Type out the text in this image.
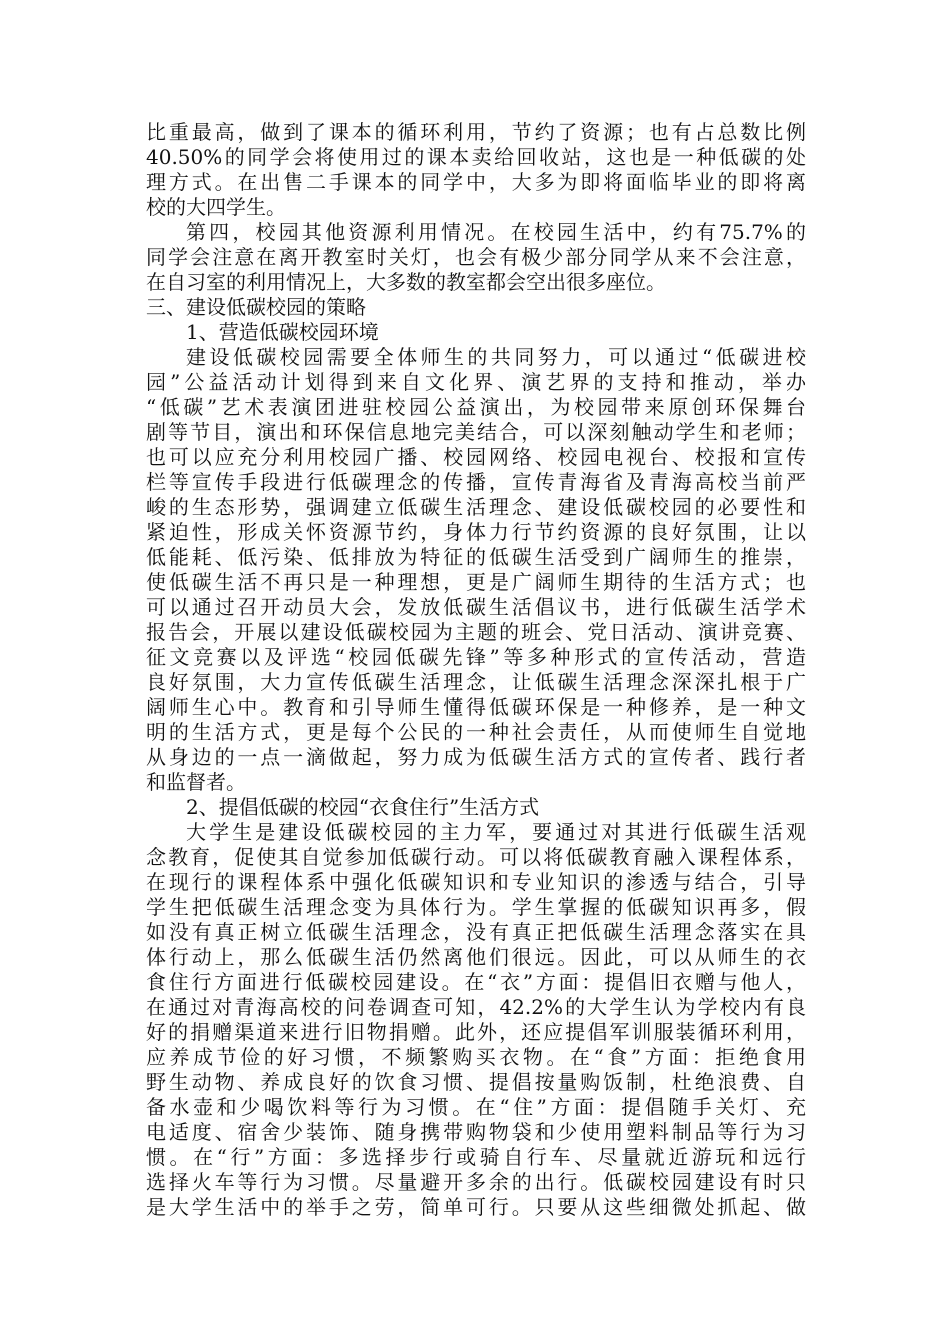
比重最高，做到了课本的循环利用，节约了资源；也有占总数比例
40.50%的同学会将使用过的课本卖给回收站，这也是一种低碳的处
理方式。在出售二手课本的同学中，大多为即将面临毕业的即将离
校的大四学生。
第四，校园其他资源利用情况。在校园生活中，约有75.7%的
同学会注意在离开教室时关灯，也会有极少部分同学从来不会注意，
在自习室的利用情况上，大多数的教室都会空出很多座位。
三、建设低碳校园的策略
1、营造低碳校园环境
建设低碳校园需要全体师生的共同努力，可以通过“低碳进校
园”公益活动计划得到来自文化界、演艺界的支持和推动，举办
“低碳”艺术表演团进驻校园公益演出，为校园带来原创环保舞台
剧等节目，演出和环保信息地完美结合，可以深刻触动学生和老师；
也可以应充分利用校园广播、校园网络、校园电视台、校报和宣传
栏等宣传手段进行低碳理念的传播，宣传青海省及青海高校当前严
峻的生态形势，强调建立低碳生活理念、建设低碳校园的必要性和
紧迫性，形成关怀资源节约，身体力行节约资源的良好氛围，让以
低能耗、低污染、低排放为特征的低碳生活受到广阔师生的推崇，
使低碳生活不再只是一种理想，更是广阔师生期待的生活方式；也
可以通过召开动员大会，发放低碳生活倡议书，进行低碳生活学术
报告会，开展以建设低碳校园为主题的班会、党日活动、演讲竞赛、
征文竞赛以及评选“校园低碳先锋”等多种形式的宣传活动，营造
良好氛围，大力宣传低碳生活理念，让低碳生活理念深深扎根于广
阔师生心中。教育和引导师生懂得低碳环保是一种修养，是一种文
明的生活方式，更是每个公民的一种社会责任，从而使师生自觉地
从身边的一点一滴做起，努力成为低碳生活方式的宣传者、践行者
和监督者。
2、提倡低碳的校园“衣食住行”生活方式
大学生是建设低碳校园的主力军，要通过对其进行低碳生活观
念教育，促使其自觉参加低碳行动。可以将低碳教育融入课程体系，
在现行的课程体系中强化低碳知识和专业知识的渗透与结合，引导
学生把低碳生活理念变为具体行为。学生掌握的低碳知识再多，假
如没有真正树立低碳生活理念，没有真正把低碳生活理念落实在具
体行动上，那么低碳生活仍然离他们很远。因此，可以从师生的衣
食住行方面进行低碳校园建设。在“衣”方面：提倡旧衣赠与他人，
在通过对青海高校的问卷调查可知，42.2%的大学生认为学校内有良
好的捐赠渠道来进行旧物捐赠。此外，还应提倡军训服装循环利用，
应养成节俭的好习惯，不频繁购买衣物。在“食”方面：拒绝食用
野生动物、养成良好的饮食习惯、提倡按量购饭制，杜绝浪费、自
备水壶和少喝饮料等行为习惯。在“住”方面：提倡随手关灯、充
电适度、宿舍少装饰、随身携带购物袋和少使用塑料制品等行为习
惯。在“行”方面：多选择步行或骑自行车、尽量就近游玩和远行
选择火车等行为习惯。尽量避开多余的出行。低碳校园建设有时只
是大学生活中的举手之劳，简单可行。只要从这些细微处抓起、做
